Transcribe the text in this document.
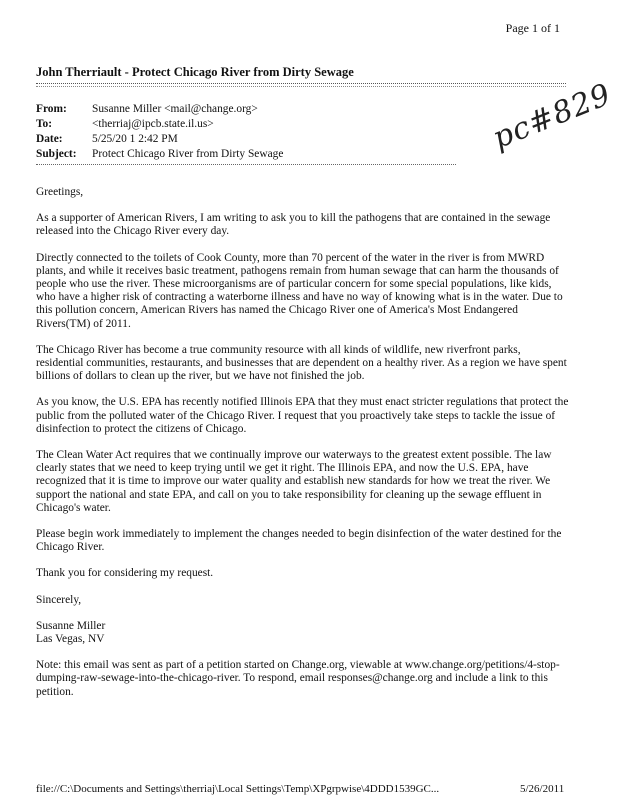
Page 1 of 1
John Therriault - Protect Chicago River from Dirty Sewage
From:	Susanne Miller <mail@change.org>
To:	<therriaj@ipcb.state.il.us>
Date:	5/25/20 1 2:42 PM
Subject:	Protect Chicago River from Dirty Sewage	pc#829

Greetings,

As a supporter of American Rivers, I am writing to ask you to kill the pathogens that are contained in the sewage released into the Chicago River every day.

Directly connected to the toilets of Cook County, more than 70 percent of the water in the river is from MWRD plants, and while it receives basic treatment, pathogens remain from human sewage that can harm the thousands of people who use the river. These microorganisms are of particular concern for some special populations, like kids, who have a higher risk of contracting a waterborne illness and have no way of knowing what is in the water. Due to this pollution concern, American Rivers has named the Chicago River one of America's Most Endangered Rivers(TM) of 2011.

The Chicago River has become a true community resource with all kinds of wildlife, new riverfront parks, residential communities, restaurants, and businesses that are dependent on a healthy river. As a region we have spent billions of dollars to clean up the river, but we have not finished the job.

As you know, the U.S. EPA has recently notified Illinois EPA that they must enact stricter regulations that protect the public from the polluted water of the Chicago River. I request that you proactively take steps to tackle the issue of disinfection to protect the citizens of Chicago.

The Clean Water Act requires that we continually improve our waterways to the greatest extent possible. The law clearly states that we need to keep trying until we get it right. The Illinois EPA, and now the U.S. EPA, have recognized that it is time to improve our water quality and establish new standards for how we treat the river. We support the national and state EPA, and call on you to take responsibility for cleaning up the sewage effluent in Chicago's water.

Please begin work immediately to implement the changes needed to begin disinfection of the water destined for the Chicago River.

Thank you for considering my request.

Sincerely,

Susanne Miller

Las Vegas, NV

Note: this email was sent as part of a petition started on Change.org, viewable at www.change.org/petitions/4-stop-dumping-raw-sewage-into-the-chicago-river. To respond, email responses@change.org and include a link to this petition.

file://C:\Documents and Settings\therriaj\Local Settings\Temp\XPgrpwise\4DDD1539GC...	5/26/2011
